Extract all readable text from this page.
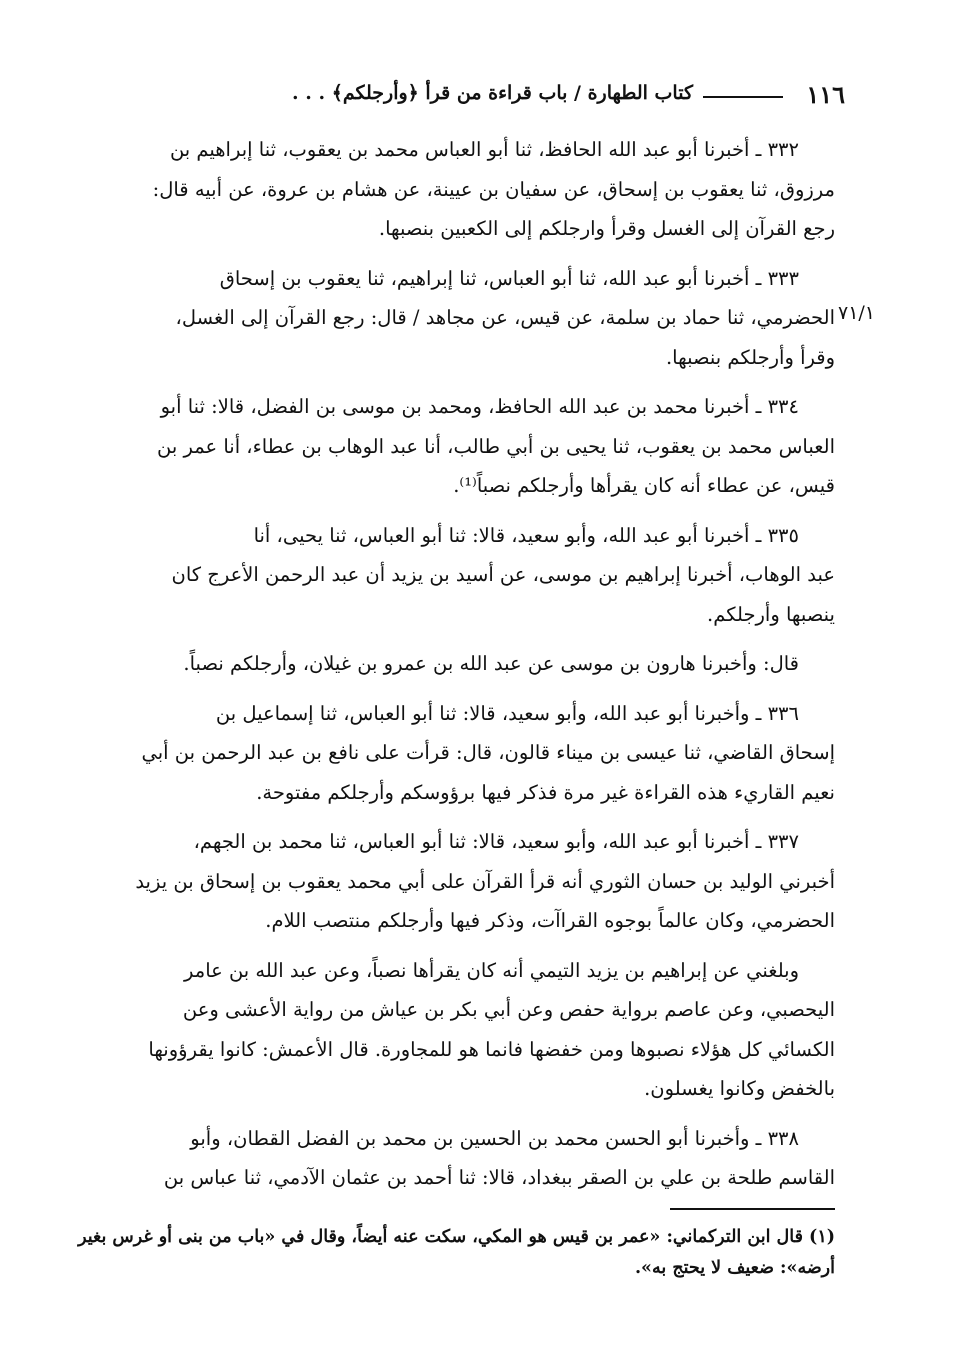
١١٦
كتاب الطهارة / باب قراءة من قرأ ﴿وأرجلكم﴾ . . .
٧١/١
٣٣٢ ـ أخبرنا أبو عبد الله الحافظ، ثنا أبو العباس محمد بن يعقوب، ثنا إبراهيم بن
مرزوق، ثنا يعقوب بن إسحاق، عن سفيان بن عيينة، عن هشام بن عروة، عن أبيه قال:
رجع القرآن إلى الغسل وقرأ وارجلكم إلى الكعبين بنصبها.
٣٣٣ ـ أخبرنا أبو عبد الله، ثنا أبو العباس، ثنا إبراهيم، ثنا يعقوب بن إسحاق
الحضرمي، ثنا حماد بن سلمة، عن قيس، عن مجاهد / قال: رجع القرآن إلى الغسل،
وقرأ وأرجلكم بنصبها.
٣٣٤ ـ أخبرنا محمد بن عبد الله الحافظ، ومحمد بن موسى بن الفضل، قالا: ثنا أبو
العباس محمد بن يعقوب، ثنا يحيى بن أبي طالب، أنا عبد الوهاب بن عطاء، أنا عمر بن
قيس، عن عطاء أنه كان يقرأها وأرجلكم نصباً⁽¹⁾.
٣٣٥ ـ أخبرنا أبو عبد الله، وأبو سعيد، قالا: ثنا أبو العباس، ثنا يحيى، أنا
عبد الوهاب، أخبرنا إبراهيم بن موسى، عن أسيد بن يزيد أن عبد الرحمن الأعرج كان
ينصبها وأرجلكم.
قال: وأخبرنا هارون بن موسى عن عبد الله بن عمرو بن غيلان، وأرجلكم نصباً.
٣٣٦ ـ وأخبرنا أبو عبد الله، وأبو سعيد، قالا: ثنا أبو العباس، ثنا إسماعيل بن
إسحاق القاضي، ثنا عيسى بن ميناء قالون، قال: قرأت على نافع بن عبد الرحمن بن أبي
نعيم القاريء هذه القراءة غير مرة فذكر فيها برؤوسكم وأرجلكم مفتوحة.
٣٣٧ ـ أخبرنا أبو عبد الله، وأبو سعيد، قالا: ثنا أبو العباس، ثنا محمد بن الجهم،
أخبرني الوليد بن حسان الثوري أنه قرأ القرآن على أبي محمد يعقوب بن إسحاق بن يزيد
الحضرمي، وكان عالماً بوجوه القراآت، وذكر فيها وأرجلكم منتصب اللام.
وبلغني عن إبراهيم بن يزيد التيمي أنه كان يقرأها نصباً، وعن عبد الله بن عامر
اليحصبي، وعن عاصم برواية حفص وعن أبي بكر بن عياش من رواية الأعشى وعن
الكسائي كل هؤلاء نصبوها ومن خفضها فانما هو للمجاورة. قال الأعمش: كانوا يقرؤونها
بالخفض وكانوا يغسلون.
٣٣٨ ـ وأخبرنا أبو الحسن محمد بن الحسين بن محمد بن الفضل القطان، وأبو
القاسم طلحة بن علي بن الصقر ببغداد، قالا: ثنا أحمد بن عثمان الآدمي، ثنا عباس بن
(١) قال ابن التركماني: «عمر بن قيس هو المكي، سكت عنه أيضاً، وقال في «باب من بنى أو غرس بغير
أرضه»: ضعيف لا يحتج به».
